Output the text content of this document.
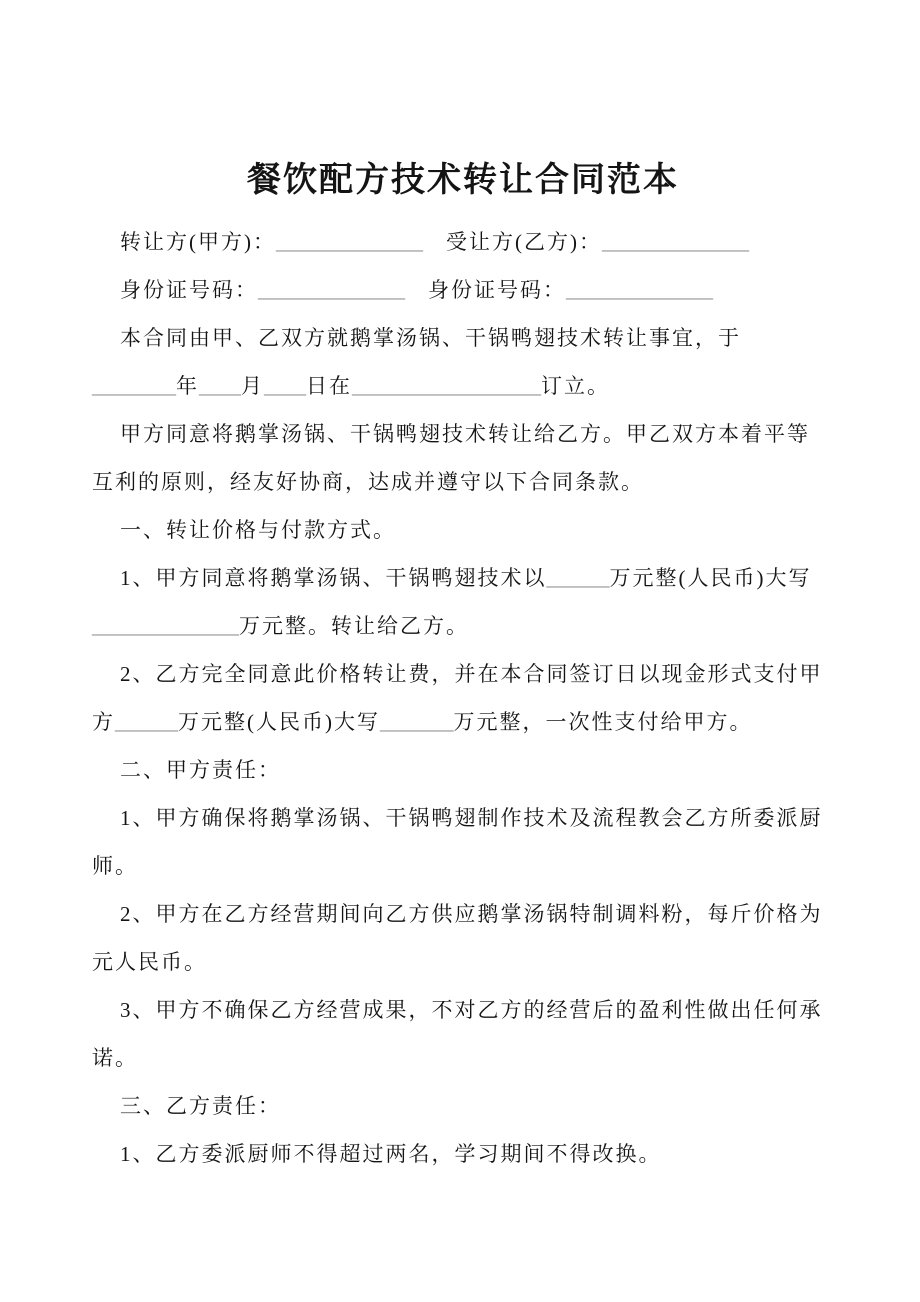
餐饮配方技术转让合同范本
转让方(甲方)：______________　受让方(乙方)：______________
身份证号码：______________　身份证号码：______________
本合同由甲、乙双方就鹅掌汤锅、干锅鸭翅技术转让事宜，于
________年____月____日在__________________订立。
甲方同意将鹅掌汤锅、干锅鸭翅技术转让给乙方。甲乙双方本着平等
互利的原则，经友好协商，达成并遵守以下合同条款。
一、转让价格与付款方式。
1、甲方同意将鹅掌汤锅、干锅鸭翅技术以______万元整(人民币)大写
______________万元整。转让给乙方。
2、乙方完全同意此价格转让费，并在本合同签订日以现金形式支付甲
方______万元整(人民币)大写_______万元整，一次性支付给甲方。
二、甲方责任：
1、甲方确保将鹅掌汤锅、干锅鸭翅制作技术及流程教会乙方所委派厨
师。
2、甲方在乙方经营期间向乙方供应鹅掌汤锅特制调料粉，每斤价格为
元人民币。
3、甲方不确保乙方经营成果，不对乙方的经营后的盈利性做出任何承
诺。
三、乙方责任：
1、乙方委派厨师不得超过两名，学习期间不得改换。
